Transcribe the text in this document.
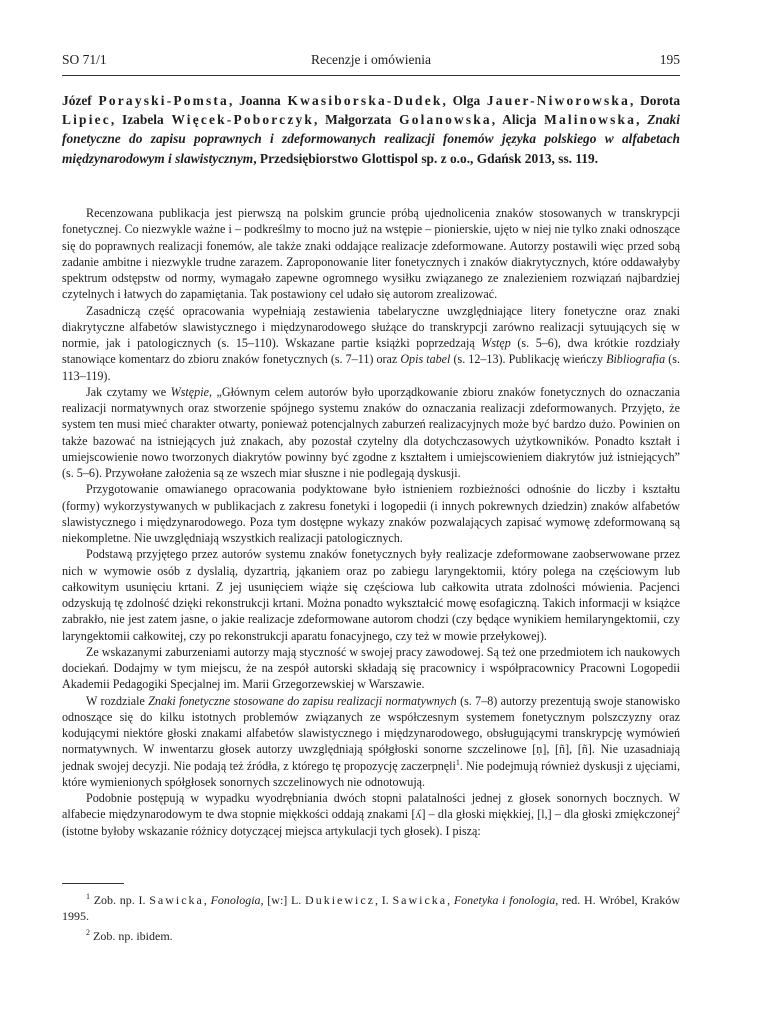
SO 71/1	Recenzje i omówienia	195
Józef Porayski-Pomsta, Joanna Kwasiborska-Dudek, Olga Jauer-Niworowska, Dorota Lipiec, Izabela Więcek-Poborczyk, Małgorzata Golanowska, Alicja Malinowska, Znaki fonetyczne do zapisu poprawnych i zdeformowanych realizacji fonemów języka polskiego w alfabetach międzynarodowym i slawistycznym, Przedsiębiorstwo Glottispol sp. z o.o., Gdańsk 2013, ss. 119.

Recenzowana publikacja jest pierwszą na polskim gruncie próbą ujednolicenia znaków stosowanych w transkrypcji fonetycznej. Co niezwykle ważne i – podkreślmy to mocno już na wstępie – pionierskie, ujęto w niej nie tylko znaki odnoszące się do poprawnych realizacji fonemów, ale także znaki oddające realizacje zdeformowane. Autorzy postawili więc przed sobą zadanie ambitne i niezwykle trudne zarazem. Zaproponowanie liter fonetycznych i znaków diakrytycznych, które oddawałyby spektrum odstępstw od normy, wymagało zapewne ogromnego wysiłku związanego ze znalezieniem rozwiązań najbardziej czytelnych i łatwych do zapamiętania. Tak postawiony cel udało się autorom zrealizować.

Zasadniczą część opracowania wypełniają zestawienia tabelaryczne uwzględniające litery fonetyczne oraz znaki diakrytyczne alfabetów slawistycznego i międzynarodowego służące do transkrypcji zarówno realizacji sytuujących się w normie, jak i patologicznych (s. 15–110). Wskazane partie książki poprzedzają Wstęp (s. 5–6), dwa krótkie rozdziały stanowiące komentarz do zbioru znaków fonetycznych (s. 7–11) oraz Opis tabel (s. 12–13). Publikację wieńczy Bibliografia (s. 113–119).

Jak czytamy we Wstępie, „Głównym celem autorów było uporządkowanie zbioru znaków fonetycznych do oznaczania realizacji normatywnych oraz stworzenie spójnego systemu znaków do oznaczania realizacji zdeformowanych. Przyjęto, że system ten musi mieć charakter otwarty, ponieważ potencjalnych zaburzeń realizacyjnych może być bardzo dużo. Powinien on także bazować na istniejących już znakach, aby pozostał czytelny dla dotychczasowych użytkowników. Ponadto kształt i umiejscowienie nowo tworzonych diakrytów powinny być zgodne z kształtem i umiejscowieniem diakrytów już istniejących” (s. 5–6). Przywołane założenia są ze wszech miar słuszne i nie podlegają dyskusji.

Przygotowanie omawianego opracowania podyktowane było istnieniem rozbieżności odnośnie do liczby i kształtu (formy) wykorzystywanych w publikacjach z zakresu fonetyki i logopedii (i innych pokrewnych dziedzin) znaków alfabetów slawistycznego i międzynarodowego. Poza tym dostępne wykazy znaków pozwalających zapisać wymowę zdeformowaną są niekompletne. Nie uwzględniają wszystkich realizacji patologicznych.

Podstawą przyjętego przez autorów systemu znaków fonetycznych były realizacje zdeformowane zaobserwowane przez nich w wymowie osób z dyslalią, dyzartrią, jąkaniem oraz po zabiegu laryngektomii, który polega na częściowym lub całkowitym usunięciu krtani. Z jej usunięciem wiąże się częściowa lub całkowita utrata zdolności mówienia. Pacjenci odzyskują tę zdolność dzięki rekonstrukcji krtani. Można ponadto wykształcić mowę esofagiczną. Takich informacji w książce zabrakło, nie jest zatem jasne, o jakie realizacje zdeformowane autorom chodzi (czy będące wynikiem hemilaryngektomii, czy laryngektomii całkowitej, czy po rekonstrukcji aparatu fonacyjnego, czy też w mowie przełykowej).

Ze wskazanymi zaburzeniami autorzy mają styczność w swojej pracy zawodowej. Są też one przedmiotem ich naukowych dociekań. Dodajmy w tym miejscu, że na zespół autorski składają się pracownicy i współpracownicy Pracowni Logopedii Akademii Pedagogiki Specjalnej im. Marii Grzegorzewskiej w Warszawie.

W rozdziale Znaki fonetyczne stosowane do zapisu realizacji normatywnych (s. 7–8) autorzy prezentują swoje stanowisko odnoszące się do kilku istotnych problemów związanych ze współczesnym systemem fonetycznym polszczyzny oraz kodującymi niektóre głoski znakami alfabetów slawistycznego i międzynarodowego, obsługującymi transkrypcję wymówień normatywnych. W inwentarzu głosek autorzy uwzględniają spółgłoski sonorne szczelinowe [ṇ], [ñ], [ñ]. Nie uzasadniają jednak swojej decyzji. Nie podają też źródła, z którego tę propozycję zaczerpnęli$^1$. Nie podejmują również dyskusji z ujęciami, które wymienionych spółgłosek sonornych szczelinowych nie odnotowują.

Podobnie postępują w wypadku wyodrębniania dwóch stopni palatalności jednej z głosek sonornych bocznych. W alfabecie międzynarodowym te dwa stopnie miękkości oddają znakami [ʎ] – dla głoski miękkiej, [l,] – dla głoski zmiękczonej$^2$ (istotne byłoby wskazanie różnicy dotyczącej miejsca artykulacji tych głosek). I piszą:

$^1$ Zob. np. I. Sawicka, Fonologia, [w:] L. Dukiewicz, I. Sawicka, Fonetyka i fonologia, red. H. Wróbel, Kraków 1995.

$^2$ Zob. np. ibidem.
